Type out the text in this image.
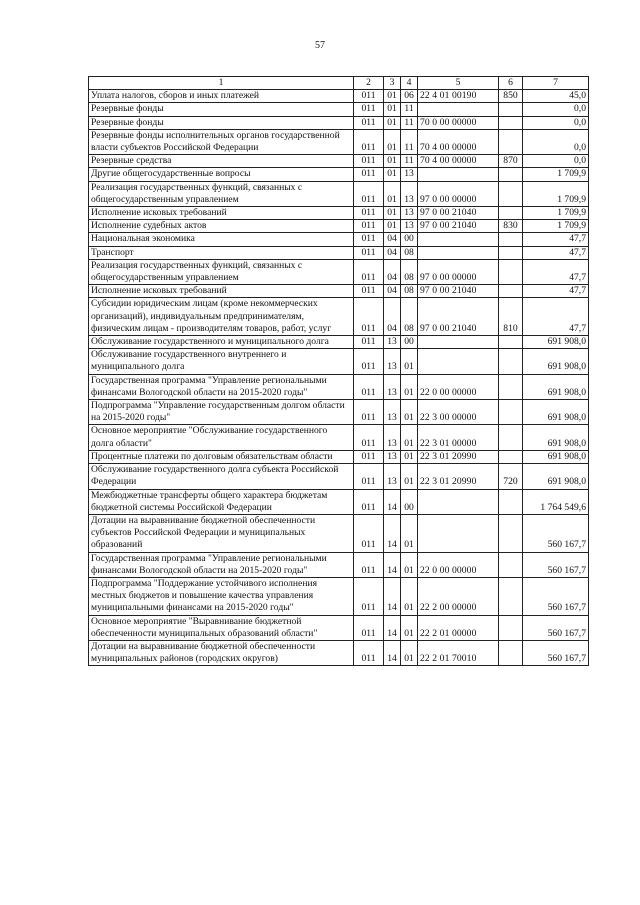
57
1	2	3	4	5	6	7
Уплата налогов, сборов и иных платежей	011	01	06	22 4 01 00190	850	45,0
Резервные фонды	011	01	11			0,0
Резервные фонды	011	01	11	70 0 00 00000		0,0
Резервные фонды исполнительных органов государственной власти субъектов Российской Федерации	011	01	11	70 4 00 00000		0,0
Резервные средства	011	01	11	70 4 00 00000	870	0,0
Другие общегосударственные вопросы	011	01	13			1 709,9
Реализация государственных функций, связанных с общегосударственным управлением	011	01	13	97 0 00 00000		1 709,9
Исполнение исковых требований	011	01	13	97 0 00 21040		1 709,9
Исполнение судебных актов	011	01	13	97 0 00 21040	830	1 709,9
Национальная экономика	011	04	00			47,7
Транспорт	011	04	08			47,7
Реализация государственных функций, связанных с общегосударственным управлением	011	04	08	97 0 00 00000		47,7
Исполнение исковых требований	011	04	08	97 0 00 21040		47,7
Субсидии юридическим лицам (кроме некоммерческих организаций), индивидуальным предпринимателям, физическим лицам - производителям товаров, работ, услуг	011	04	08	97 0 00 21040	810	47,7
Обслуживание государственного и муниципального долга	011	13	00			691 908,0
Обслуживание государственного внутреннего и муниципального долга	011	13	01			691 908,0
Государственная программа "Управление региональными финансами Вологодской области на 2015-2020 годы"	011	13	01	22 0 00 00000		691 908,0
Подпрограмма "Управление государственным долгом области на 2015-2020 годы"	011	13	01	22 3 00 00000		691 908,0
Основное мероприятие "Обслуживание государственного долга области"	011	13	01	22 3 01 00000		691 908,0
Процентные платежи по долговым обязательствам области	011	13	01	22 3 01 20990		691 908,0
Обслуживание государственного долга субъекта Российской Федерации	011	13	01	22 3 01 20990	720	691 908,0
Межбюджетные трансферты общего характера бюджетам бюджетной системы Российской Федерации	011	14	00			1 764 549,6
Дотации на выравнивание бюджетной обеспеченности субъектов Российской Федерации и муниципальных образований	011	14	01			560 167,7
Государственная программа "Управление региональными финансами Вологодской области на 2015-2020 годы"	011	14	01	22 0 00 00000		560 167,7
Подпрограмма "Поддержание устойчивого исполнения местных бюджетов и повышение качества управления муниципальными финансами на 2015-2020 годы"	011	14	01	22 2 00 00000		560 167,7
Основное мероприятие "Выравнивание бюджетной обеспеченности муниципальных образований области"	011	14	01	22 2 01 00000		560 167,7
Дотации на выравнивание бюджетной обеспеченности муниципальных районов (городских округов)	011	14	01	22 2 01 70010		560 167,7
